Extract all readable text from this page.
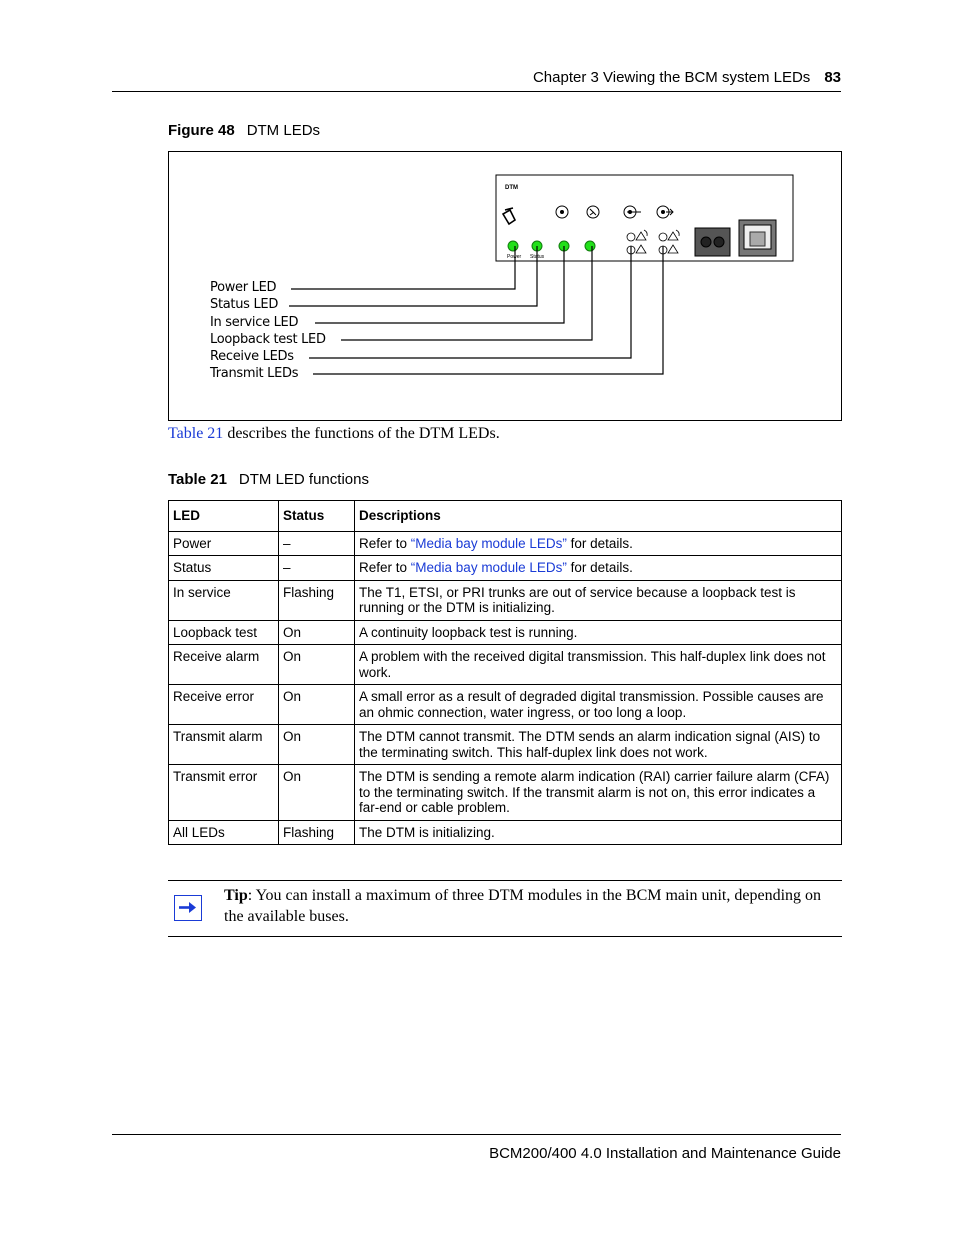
Chapter 3 Viewing the BCM system LEDs 83
Figure 48 DTM LEDs
DTM
Power Status
Power LED
Status LED
In service LED
Loopback test LED
Receive LEDs
Transmit LEDs
Table 21 describes the functions of the DTM LEDs.
Table 21 DTM LED functions
LED	Status	Descriptions
Power	–	Refer to “Media bay module LEDs” for details.
Status	–	Refer to “Media bay module LEDs” for details.
In service	Flashing	The T1, ETSI, or PRI trunks are out of service because a loopback test is running or the DTM is initializing.
Loopback test	On	A continuity loopback test is running.
Receive alarm	On	A problem with the received digital transmission. This half-duplex link does not work.
Receive error	On	A small error as a result of degraded digital transmission. Possible causes are an ohmic connection, water ingress, or too long a loop.
Transmit alarm	On	The DTM cannot transmit. The DTM sends an alarm indication signal (AIS) to the terminating switch. This half-duplex link does not work.
Transmit error	On	The DTM is sending a remote alarm indication (RAI) carrier failure alarm (CFA) to the terminating switch. If the transmit alarm is not on, this error indicates a far-end or cable problem.
All LEDs	Flashing	The DTM is initializing.
Tip: You can install a maximum of three DTM modules in the BCM main unit, depending on the available buses.
BCM200/400 4.0 Installation and Maintenance Guide
